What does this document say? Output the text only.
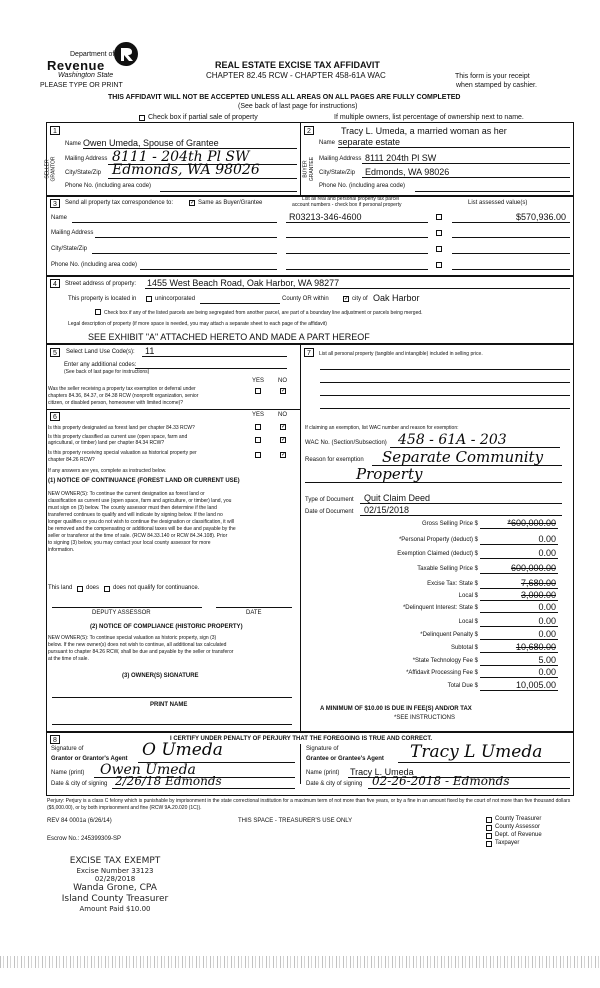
Department of
Revenue
Washington State
PLEASE TYPE OR PRINT
REAL ESTATE EXCISE TAX AFFIDAVIT
CHAPTER 82.45 RCW - CHAPTER 458-61A WAC	This form is your receipt
when stamped by cashier.
THIS AFFIDAVIT WILL NOT BE ACCEPTED UNLESS ALL AREAS ON ALL PAGES ARE FULLY COMPLETED
(See back of last page for instructions)
Check box if partial sale of property	If multiple owners, list percentage of ownership next to name.
1
SELLER GRANTOR
Name Owen Umeda, Spouse of Grantee
Mailing Address 8111 - 204th Pl SW
City/State/Zip Edmonds, WA 98026
Phone No. (including area code)
2
BUYER GRANTEE
Tracy L. Umeda, a married woman as her
Name separate estate
Mailing Address 8111 204th Pl SW
City/State/Zip Edmonds, WA 98026
Phone No. (including area code)
3	Send all property tax correspondence to:	✓ Same as Buyer/Grantee
List all real and personal property tax parcel
account numbers - check box if personal property	List assessed value(s)
R03213-346-4600	$570,936.00
Name
Mailing Address
City/State/Zip
Phone No. (including area code)
4	Street address of property: 1455 West Beach Road, Oak Harbor, WA 98277
This property is located in	unincorporated	County OR within	✓ city of Oak Harbor
Check box if any of the listed parcels are being segregated from another parcel, are part of a boundary line adjustment or parcels being merged.
Legal description of property (if more space is needed, you may attach a separate sheet to each page of the affidavit)
SEE EXHIBIT "A" ATTACHED HERETO AND MADE A PART HEREOF
5	Select Land Use Code(s): 11
Enter any additional codes:
(See back of last page for instructions)
YES NO
Was the seller receiving a property tax exemption or deferral under
chapters 84.36, 84.37, or 84.38 RCW (nonprofit organization, senior
citizen, or disabled person, homeowner with limited income)?
✓
6	YES NO
Is this property designated as forest land per chapter 84.33 RCW?	✓
Is this property classified as current use (open space, farm and
agricultural, or timber) land per chapter 84.34 RCW?	✓
Is this property receiving special valuation as historical property per
chapter 84.26 RCW?
✓
If any answers are yes, complete as instructed below.
(1) NOTICE OF CONTINUANCE (FOREST LAND OR CURRENT USE)
NEW OWNER(S): To continue the current designation as forest land or
classification as current use (open space, farm and agriculture, or timber) land, you
must sign on (3) below. The county assessor must then determine if the land
transferred continues to qualify and will indicate by signing below. If the land no
longer qualifies or you do not wish to continue the designation or classification, it will
be removed and the compensating or additional taxes will be due and payable by the
seller or transferor at the time of sale. (RCW 84.33.140 or RCW 84.34.108). Prior
to signing (3) below, you may contact your local county assessor for more
information.
This land does does not qualify for continuance.
DEPUTY ASSESSOR	DATE
(2) NOTICE OF COMPLIANCE (HISTORIC PROPERTY)
NEW OWNER(S): To continue special valuation as historic property, sign (3)
below. If the new owner(s) does not wish to continue, all additional tax calculated
pursuant to chapter 84.26 RCW, shall be due and payable by the seller or transferor
at the time of sale.
(3) OWNER(S) SIGNATURE
PRINT NAME
7	List all personal property (tangible and intangible) included in selling price.
If claiming an exemption, list WAC number and reason for exemption:
WAC No. (Section/Subsection) 458 - 61A - 203
Reason for exemption Separate Community
Property
Type of Document Quit Claim Deed
Date of Document 02/15/2018
Gross Selling Price $	*600,000.00
*Personal Property (deduct) $	0.00
Exemption Claimed (deduct) $	0.00
Taxable Selling Price $	600,000.00
Excise Tax: State $	7,680.00
Local $	3,000.00
*Delinquent Interest: State $	0.00
Local $	0.00
*Delinquent Penalty $	0.00
Subtotal $	10,680.00
*State Technology Fee $	5.00
*Affidavit Processing Fee $	0.00
Total Due $	10,005.00
A MINIMUM OF $10.00 IS DUE IN FEE(S) AND/OR TAX
*SEE INSTRUCTIONS
8	I CERTIFY UNDER PENALTY OF PERJURY THAT THE FOREGOING IS TRUE AND CORRECT.
Signature of
Grantor or Grantor's Agent O Umeda
Name (print) Owen Umeda
Date & city of signing 2/26/18 Edmonds
Signature of
Grantee or Grantee's Agent Tracy L Umeda
Name (print) Tracy L. Umeda
Date & city of signing 02-26-2018 - Edmonds
Perjury: Perjury is a class C felony which is punishable by imprisonment in the state correctional institution for a maximum term of not more than five years, or by a fine in an amount fixed by the court of not more than five thousand dollars ($5,000.00), or by both imprisonment and fine (RCW 9A.20.020 (1C)).
REV 84 0001a (6/26/14)	THIS SPACE - TREASURER'S USE ONLY
Escrow No.: 245399309-SP
County Treasurer
County Assessor
Dept. of Revenue
Taxpayer
EXCISE TAX EXEMPT
Excise Number 33123
02/28/2018
Wanda Grone, CPA
Island County Treasurer
Amount Paid $10.00
